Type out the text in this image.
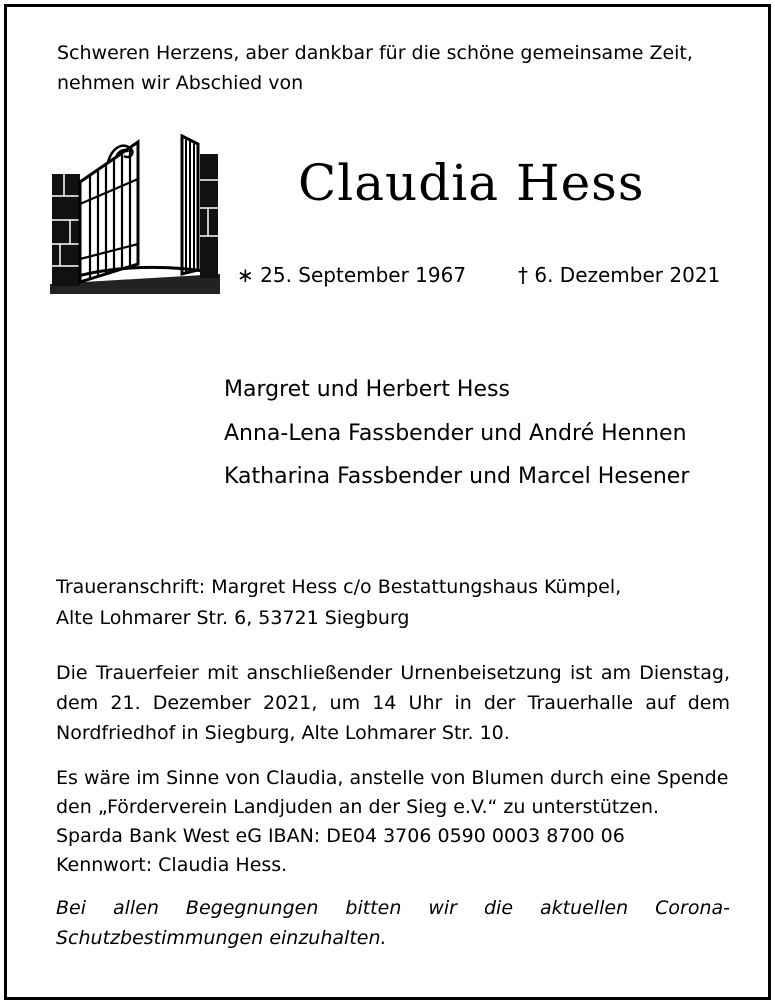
Schweren Herzens, aber dankbar für die schöne gemeinsame Zeit,
nehmen wir Abschied von
Claudia Hess
∗ 25. September 1967	† 6. Dezember 2021
Margret und Herbert Hess
Anna-Lena Fassbender und André Hennen
Katharina Fassbender und Marcel Hesener
Traueranschrift: Margret Hess c/o Bestattungshaus Kümpel,
Alte Lohmarer Str. 6, 53721 Siegburg
Die Trauerfeier mit anschließender Urnenbeisetzung ist am Dienstag,
dem 21. Dezember 2021, um 14 Uhr in der Trauerhalle auf dem
Nordfriedhof in Siegburg, Alte Lohmarer Str. 10.
Es wäre im Sinne von Claudia, anstelle von Blumen durch eine Spende
den „Förderverein Landjuden an der Sieg e.V.“ zu unterstützen.
Sparda Bank West eG IBAN: DE04 3706 0590 0003 8700 06
Kennwort: Claudia Hess.
Bei allen Begegnungen bitten wir die aktuellen Corona-
Schutzbestimmungen einzuhalten.
